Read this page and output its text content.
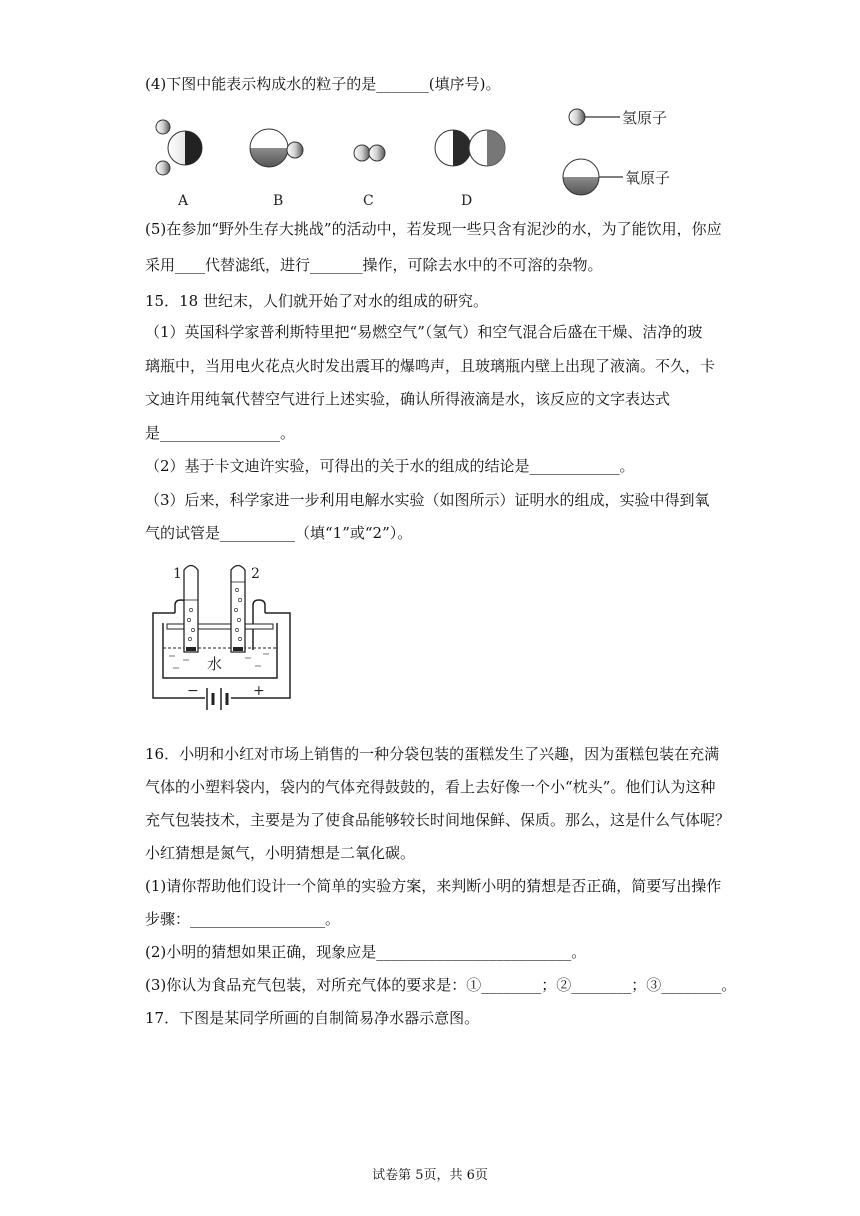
(4)下图中能表示构成水的粒子的是_______(填序号)。
A	B	C	D
氢原子
氧原子
(5)在参加“野外生存大挑战”的活动中，若发现一些只含有泥沙的水，为了能饮用，你应
采用____代替滤纸，进行_______操作，可除去水中的不可溶的杂物。
15．18 世纪末，人们就开始了对水的组成的研究。
（1）英国科学家普利斯特里把“易燃空气”（氢气）和空气混合后盛在干燥、洁净的玻
璃瓶中，当用电火花点火时发出震耳的爆鸣声，且玻璃瓶内壁上出现了液滴。不久，卡
文迪许用纯氧代替空气进行上述实验，确认所得液滴是水，该反应的文字表达式
是________________。
（2）基于卡文迪许实验，可得出的关于水的组成的结论是____________。
（3）后来，科学家进一步利用电解水实验（如图所示）证明水的组成，实验中得到氧
气的试管是__________（填“1”或“2”）。
1	2
水
−	+
16．小明和小红对市场上销售的一种分袋包装的蛋糕发生了兴趣，因为蛋糕包装在充满
气体的小塑料袋内，袋内的气体充得鼓鼓的，看上去好像一个小“枕头”。他们认为这种
充气包装技术，主要是为了使食品能够较长时间地保鲜、保质。那么，这是什么气体呢？
小红猜想是氮气，小明猜想是二氧化碳。
(1)请你帮助他们设计一个简单的实验方案，来判断小明的猜想是否正确，简要写出操作
步骤：__________________。
(2)小明的猜想如果正确，现象应是__________________________。
(3)你认为食品充气包装，对所充气体的要求是：①________；②________；③________。
17．下图是某同学所画的自制简易净水器示意图。
试卷第 5页，共 6页
